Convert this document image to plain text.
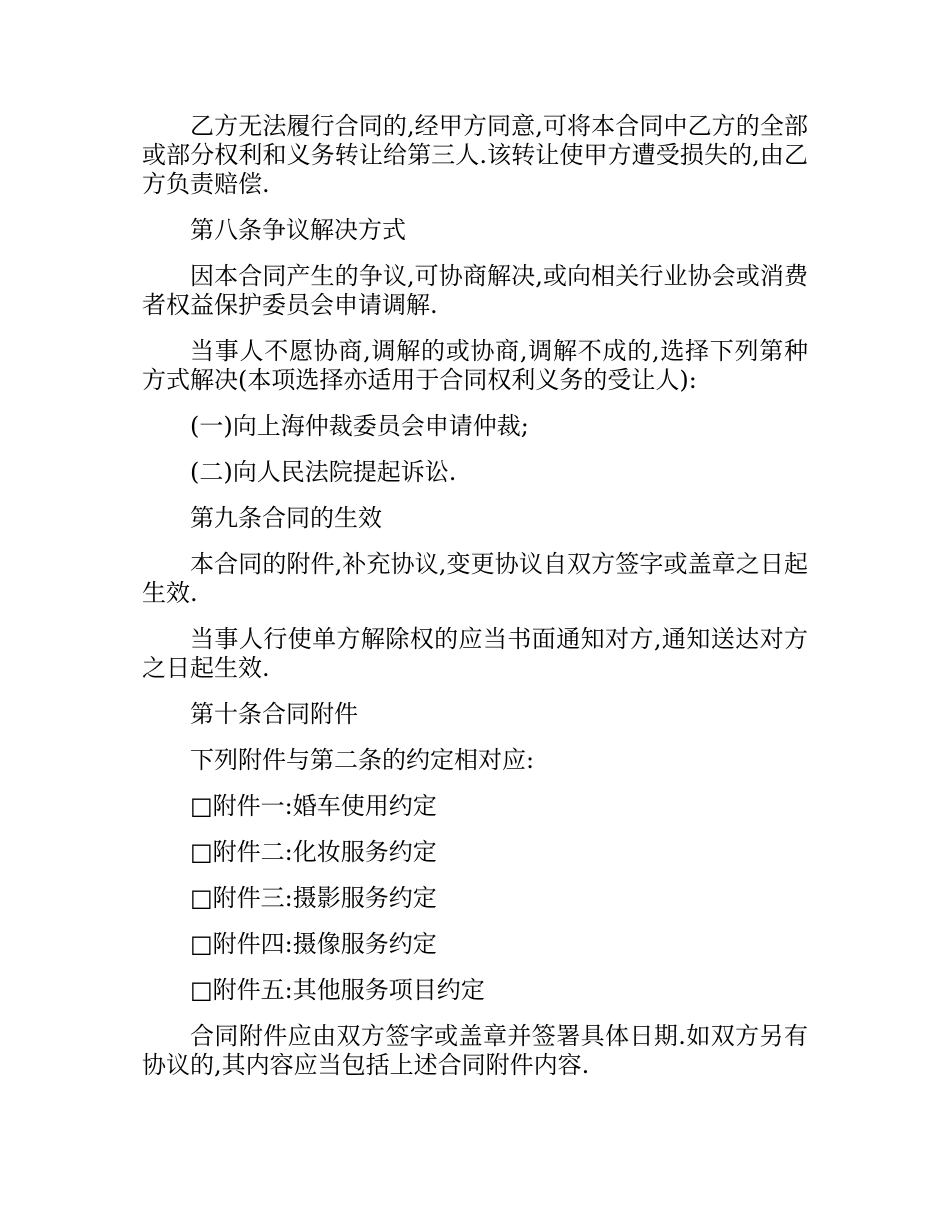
乙方无法履行合同的,经甲方同意,可将本合同中乙方的全部或部分权利和义务转让给第三人.该转让使甲方遭受损失的,由乙方负责赔偿.

第八条争议解决方式

因本合同产生的争议,可协商解决,或向相关行业协会或消费者权益保护委员会申请调解.

当事人不愿协商,调解的或协商,调解不成的,选择下列第种方式解决(本项选择亦适用于合同权利义务的受让人):

(一)向上海仲裁委员会申请仲裁;

(二)向人民法院提起诉讼.

第九条合同的生效

本合同的附件,补充协议,变更协议自双方签字或盖章之日起生效.

当事人行使单方解除权的应当书面通知对方,通知送达对方之日起生效.

第十条合同附件

下列附件与第二条的约定相对应:

□附件一:婚车使用约定

□附件二:化妆服务约定

□附件三:摄影服务约定

□附件四:摄像服务约定

□附件五:其他服务项目约定

合同附件应由双方签字或盖章并签署具体日期.如双方另有协议的,其内容应当包括上述合同附件内容.
